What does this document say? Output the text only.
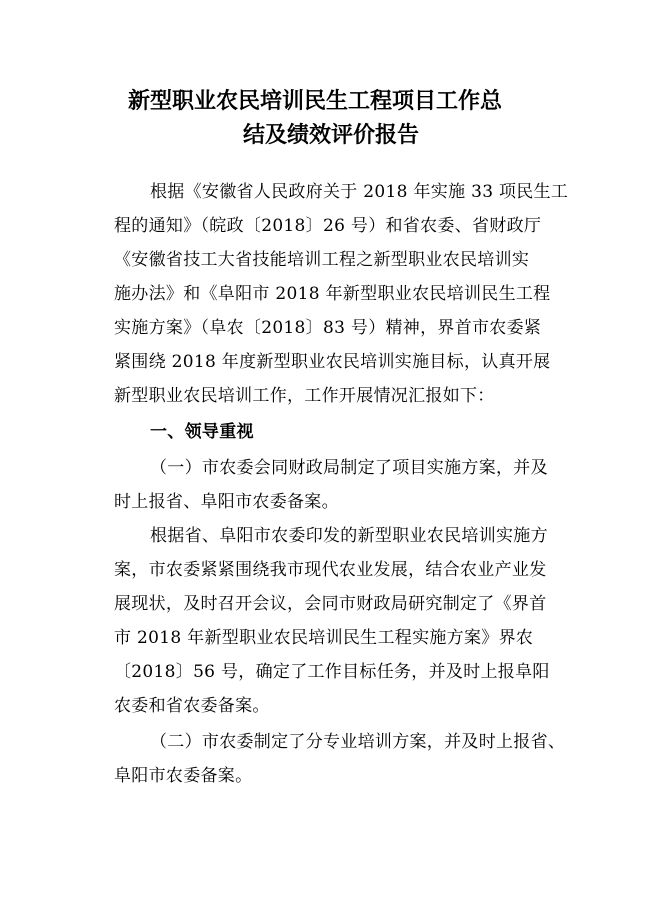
新型职业农民培训民生工程项目工作总
结及绩效评价报告
根据《安徽省人民政府关于 2018 年实施 33 项民生工
程的通知》（皖政〔2018〕26 号）和省农委、省财政厅
《安徽省技工大省技能培训工程之新型职业农民培训实
施办法》和《阜阳市 2018 年新型职业农民培训民生工程
实施方案》（阜农〔2018〕83 号）精神，界首市农委紧
紧围绕 2018 年度新型职业农民培训实施目标，认真开展
新型职业农民培训工作，工作开展情况汇报如下：
一、领导重视
（一）市农委会同财政局制定了项目实施方案，并及
时上报省、阜阳市农委备案。
根据省、阜阳市农委印发的新型职业农民培训实施方
案，市农委紧紧围绕我市现代农业发展，结合农业产业发
展现状，及时召开会议，会同市财政局研究制定了《界首
市 2018 年新型职业农民培训民生工程实施方案》界农
〔2018〕56 号，确定了工作目标任务，并及时上报阜阳
农委和省农委备案。
（二）市农委制定了分专业培训方案，并及时上报省、
阜阳市农委备案。
